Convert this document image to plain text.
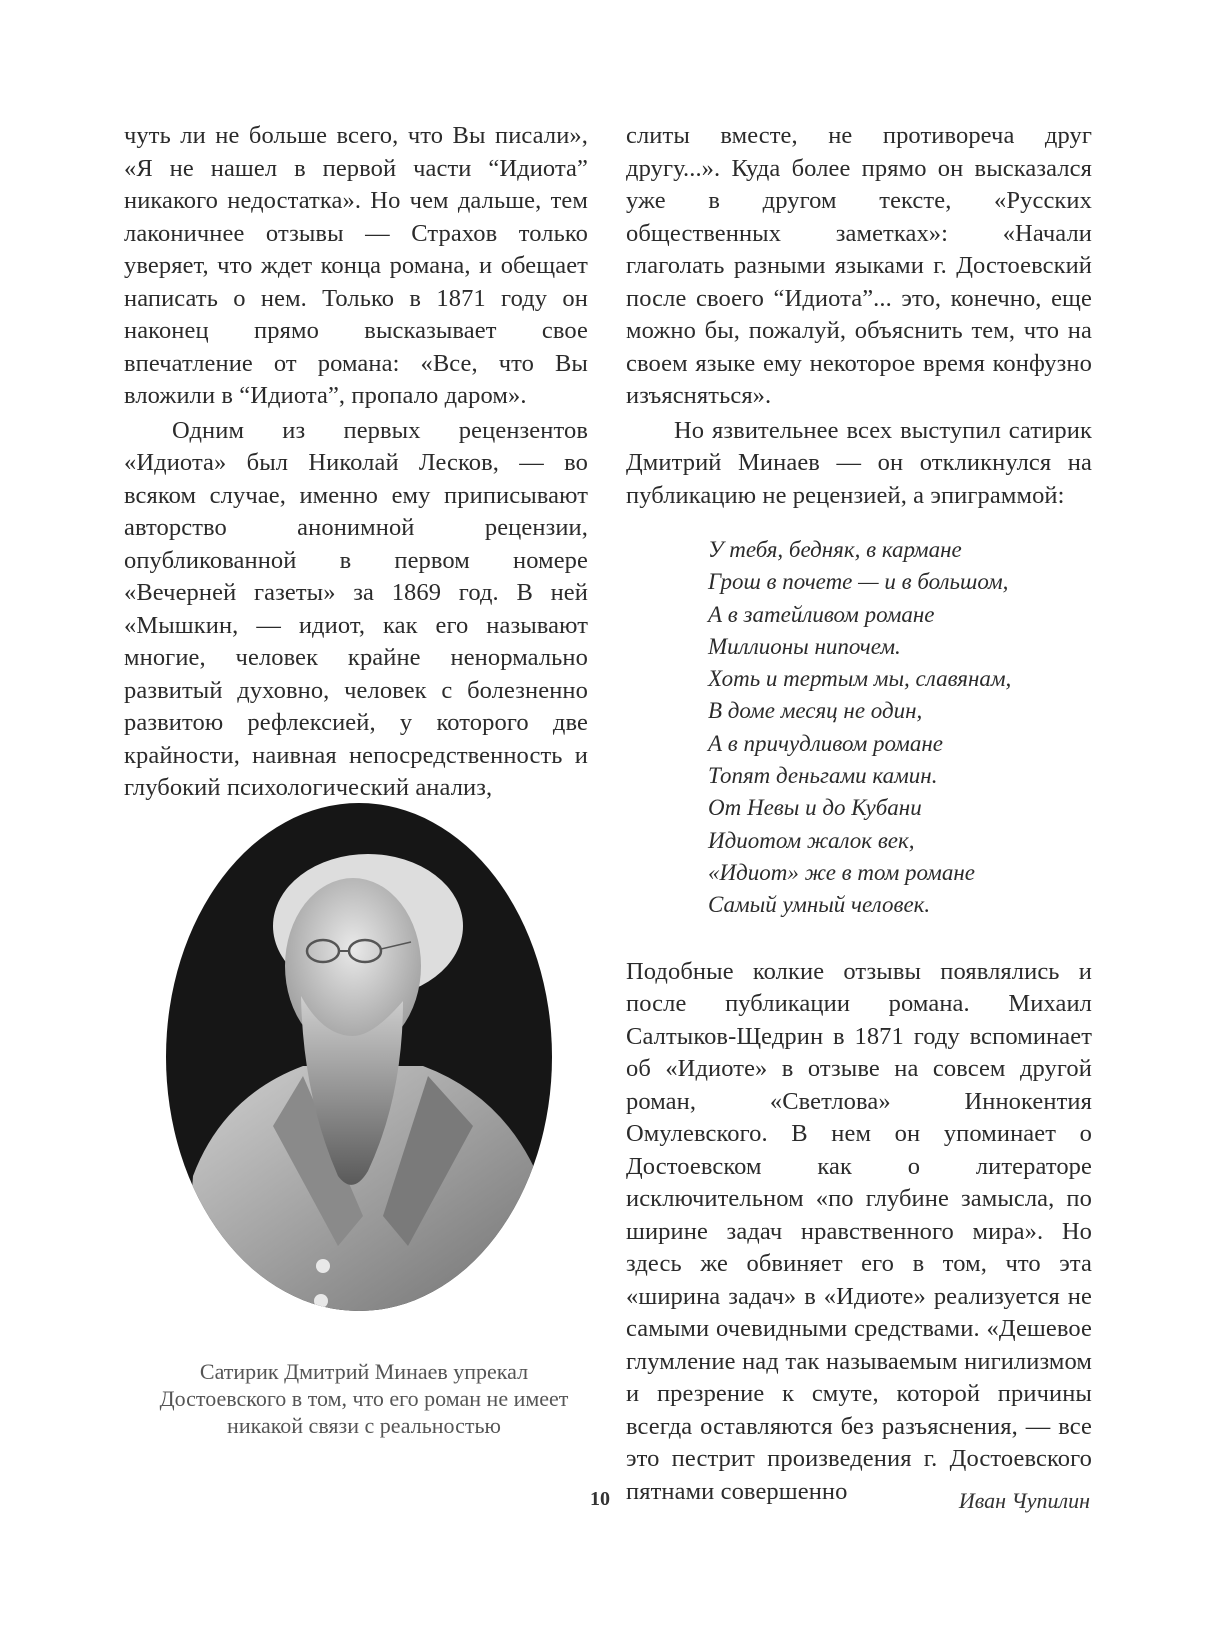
чуть ли не больше всего, что Вы писали», «Я не нашел в первой части “Идиота” никакого недостатка». Но чем дальше, тем лаконичнее отзывы — Страхов только уверяет, что ждет конца романа, и обещает написать о нем. Только в 1871 году он наконец прямо высказывает свое впечатление от романа: «Все, что Вы вложили в “Идиота”, пропало даром».

Одним из первых рецензентов «Идиота» был Николай Лесков, — во всяком случае, именно ему приписывают авторство анонимной рецензии, опубликованной в первом номере «Вечерней газеты» за 1869 год. В ней «Мышкин, — идиот, как его называют многие, человек крайне ненормально развитый духовно, человек с болезненно развитою рефлексией, у которого две крайности, наивная непосредственность и глубокий психологический анализ,

Сатирик Дмитрий Минаев упрекал Достоевского в том, что его роман не имеет никакой связи с реальностью

слиты вместе, не противореча друг другу...». Куда более прямо он высказался уже в другом тексте, «Русских общественных заметках»: «Начали глаголать разными языками г. Достоевский после своего “Идиота”... это, конечно, еще можно бы, пожалуй, объяснить тем, что на своем языке ему некоторое время конфузно изъясняться».

Но язвительнее всех выступил сатирик Дмитрий Минаев — он откликнулся на публикацию не рецензией, а эпиграммой:

У тебя, бедняк, в кармане
Грош в почете — и в большом,
А в затейливом романе
Миллионы нипочем.
Хоть и тертым мы, славянам,
В доме месяц не один,
А в причудливом романе
Топят деньгами камин.
От Невы и до Кубани
Идиотом жалок век,
«Идиот» же в том романе
Самый умный человек.

Подобные колкие отзывы появлялись и после публикации романа. Михаил Салтыков-Щедрин в 1871 году вспоминает об «Идиоте» в отзыве на совсем другой роман, «Светлова» Иннокентия Омулевского. В нем он упоминает о Достоевском как о литераторе исключительном «по глубине замысла, по ширине задач нравственного мира». Но здесь же обвиняет его в том, что эта «ширина задач» в «Идиоте» реализуется не самыми очевидными средствами. «Дешевое глумление над так называемым нигилизмом и презрение к смуте, которой причины всегда оставляются без разъяснения, — все это пестрит произведения г. Достоевского пятнами совершенно

10	Иван Чупилин
